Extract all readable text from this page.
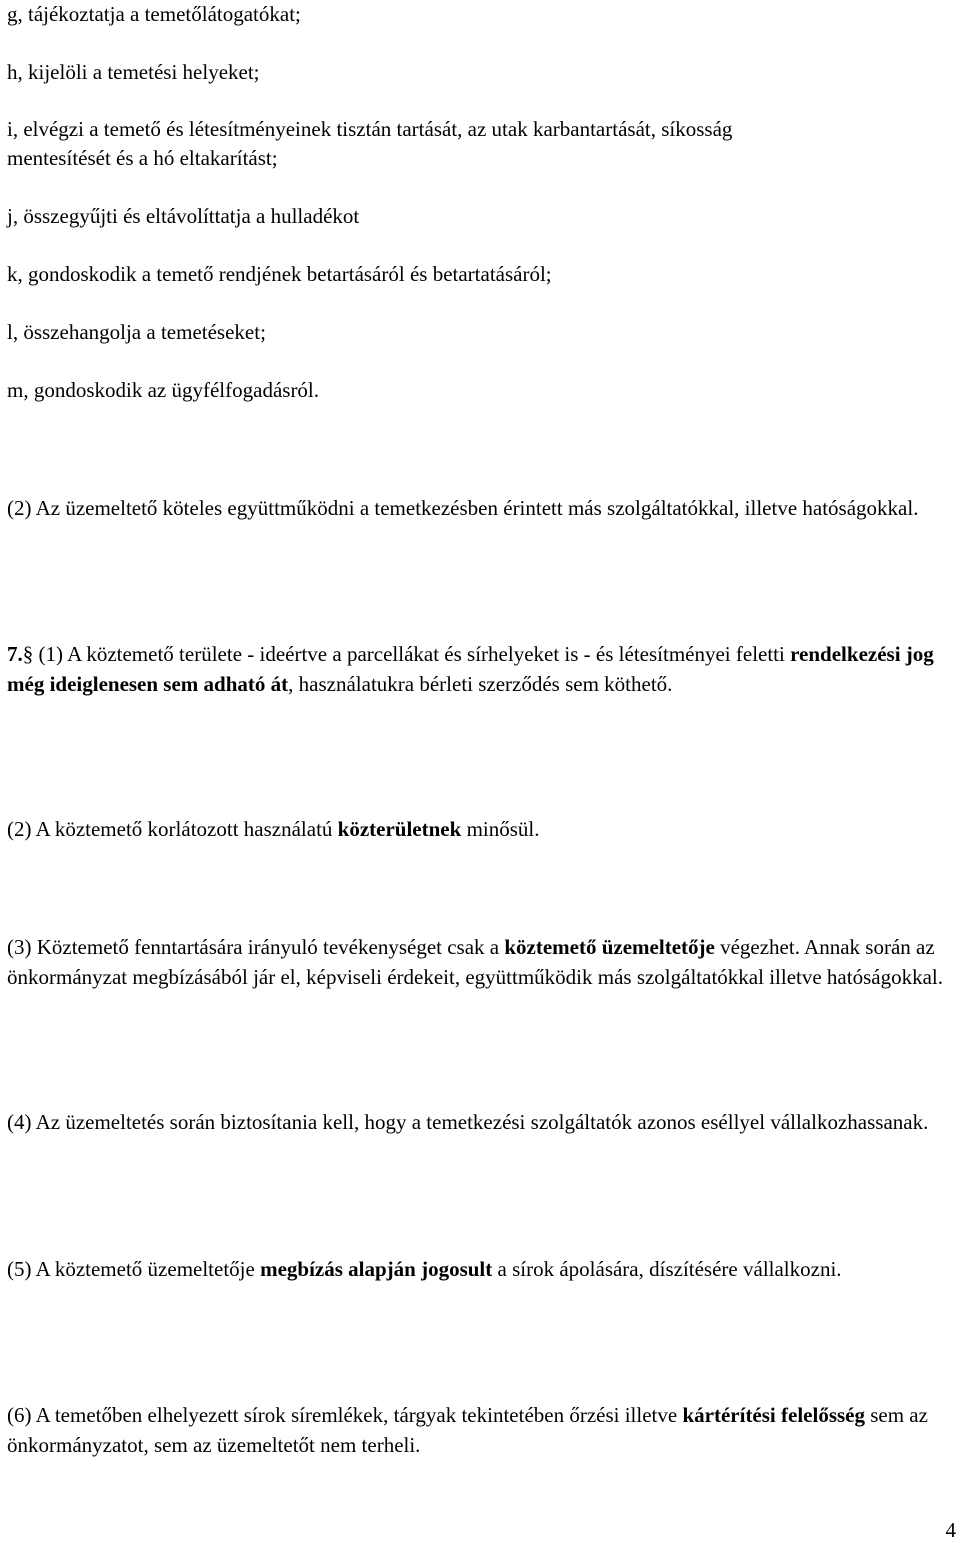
g, tájékoztatja a temetőlátogatókat;
h, kijelöli a temetési helyeket;
i, elvégzi a temető és létesítményeinek tisztán tartását, az utak karbantartását, síkosság
mentesítését és a hó eltakarítást;
j, összegyűjti és eltávolíttatja a hulladékot
k, gondoskodik a temető rendjének betartásáról és betartatásáról;
l, összehangolja a temetéseket;
m, gondoskodik az ügyfélfogadásról.

(2) Az üzemeltető köteles együttműködni a temetkezésben érintett más szolgáltatókkal, illetve hatóságokkal.

7.§ (1) A köztemető területe - ideértve a parcellákat és sírhelyeket is - és létesítményei feletti rendelkezési jog még ideiglenesen sem adható át, használatukra bérleti szerződés sem köthető.

(2) A köztemető korlátozott használatú közterületnek minősül.

(3) Köztemető fenntartására irányuló tevékenységet csak a köztemető üzemeltetője végezhet. Annak során az önkormányzat megbízásából jár el, képviseli érdekeit, együttműködik más szolgáltatókkal illetve hatóságokkal.

(4) Az üzemeltetés során biztosítania kell, hogy a temetkezési szolgáltatók azonos eséllyel vállalkozhassanak.

(5) A köztemető üzemeltetője megbízás alapján jogosult a sírok ápolására, díszítésére vállalkozni.

(6) A temetőben elhelyezett sírok síremlékek, tárgyak tekintetében őrzési illetve kártérítési felelősség sem az önkormányzatot, sem az üzemeltetőt nem terheli.

4
